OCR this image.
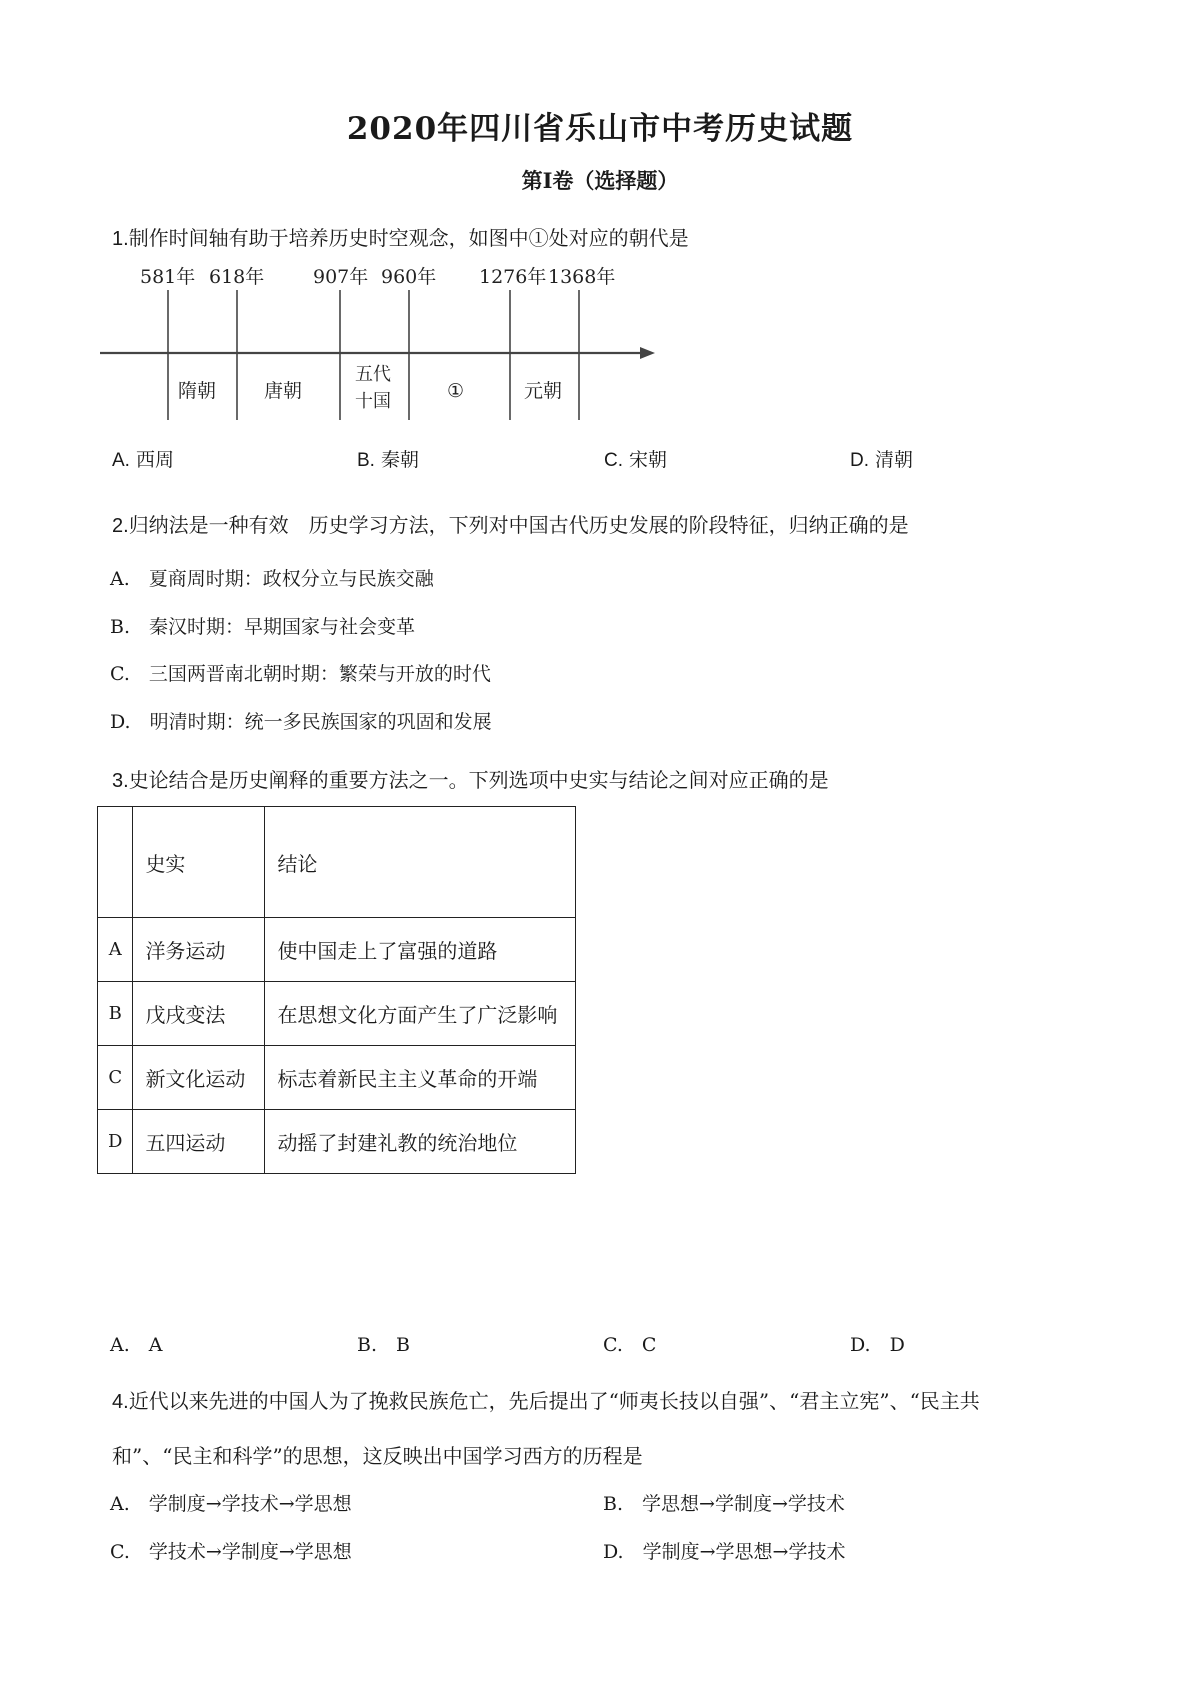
2020年四川省乐山市中考历史试题
第Ⅰ卷（选择题）
1.制作时间轴有助于培养历史时空观念，如图中①处对应的朝代是
581年 618年	907年 960年 1276年 1368年
隋朝	唐朝
五代
十国	①	元朝
A. 西周	B. 秦朝	C. 宋朝	D. 清朝
2.归纳法是一种有效　历史学习方法，下列对中国古代历史发展的阶段特征，归纳正确的是
A.　 夏商周时期：政权分立与民族交融
B.　 秦汉时期：早期国家与社会变革
C.　 三国两晋南北朝时期：繁荣与开放的时代
D.　 明清时期：统一多民族国家的巩固和发展
3.史论结合是历史阐释的重要方法之一。下列选项中史实与结论之间对应正确的是
	史实	结论
A	洋务运动	使中国走上了富强的道路
B	戊戌变法	在思想文化方面产生了广泛影响
C	新文化运动	标志着新民主主义革命的开端
D	五四运动	动摇了封建礼教的统治地位
A.　 A	B.　 B	C.　 C	D.　 D
4.近代以来先进的中国人为了挽救民族危亡，先后提出了“师夷长技以自强”、“君主立宪”、“民主共
和”、“民主和科学”的思想，这反映出中国学习西方的历程是
A.　 学制度→学技术→学思想	B.　 学思想→学制度→学技术
C.　 学技术→学制度→学思想	D.　 学制度→学思想→学技术
